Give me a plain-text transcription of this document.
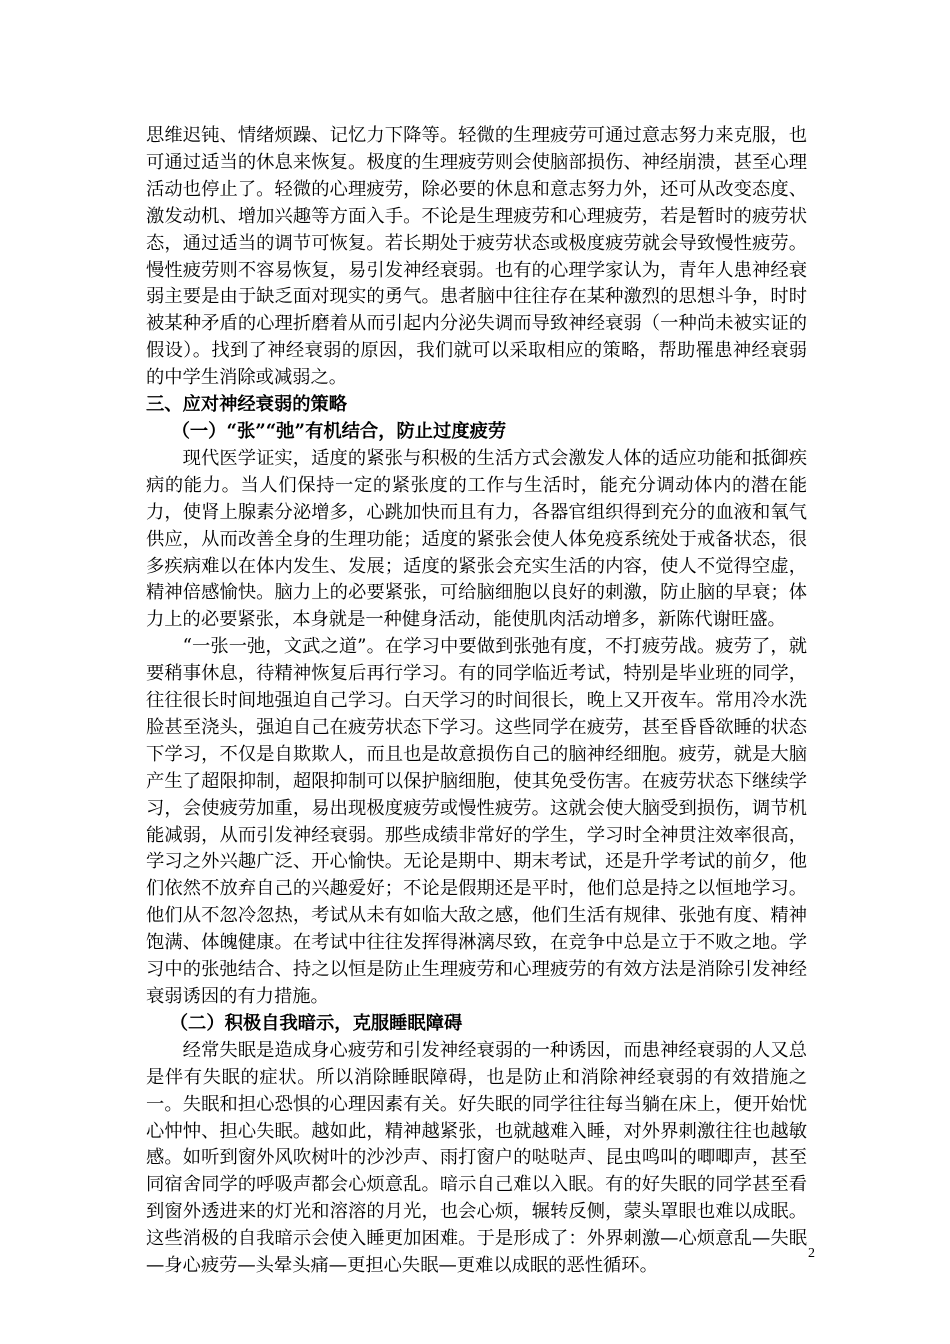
思维迟钝、情绪烦躁、记忆力下降等。轻微的生理疲劳可通过意志努力来克服，也可通过适当的休息来恢复。极度的生理疲劳则会使脑部损伤、神经崩溃，甚至心理活动也停止了。轻微的心理疲劳，除必要的休息和意志努力外，还可从改变态度、激发动机、增加兴趣等方面入手。不论是生理疲劳和心理疲劳，若是暂时的疲劳状态，通过适当的调节可恢复。若长期处于疲劳状态或极度疲劳就会导致慢性疲劳。慢性疲劳则不容易恢复，易引发神经衰弱。也有的心理学家认为，青年人患神经衰弱主要是由于缺乏面对现实的勇气。患者脑中往往存在某种激烈的思想斗争，时时被某种矛盾的心理折磨着从而引起内分泌失调而导致神经衰弱（一种尚未被实证的假设）。找到了神经衰弱的原因，我们就可以采取相应的策略，帮助罹患神经衰弱的中学生消除或减弱之。

三、应对神经衰弱的策略

（一）“张”“弛”有机结合，防止过度疲劳

现代医学证实，适度的紧张与积极的生活方式会激发人体的适应功能和抵御疾病的能力。当人们保持一定的紧张度的工作与生活时，能充分调动体内的潜在能力，使肾上腺素分泌增多，心跳加快而且有力，各器官组织得到充分的血液和氧气供应，从而改善全身的生理功能；适度的紧张会使人体免疫系统处于戒备状态，很多疾病难以在体内发生、发展；适度的紧张会充实生活的内容，使人不觉得空虚，精神倍感愉快。脑力上的必要紧张，可给脑细胞以良好的刺激，防止脑的早衰；体力上的必要紧张，本身就是一种健身活动，能使肌肉活动增多，新陈代谢旺盛。

“一张一弛，文武之道”。在学习中要做到张弛有度，不打疲劳战。疲劳了，就要稍事休息，待精神恢复后再行学习。有的同学临近考试，特别是毕业班的同学，往往很长时间地强迫自己学习。白天学习的时间很长，晚上又开夜车。常用冷水洗脸甚至浇头，强迫自己在疲劳状态下学习。这些同学在疲劳，甚至昏昏欲睡的状态下学习，不仅是自欺欺人，而且也是故意损伤自己的脑神经细胞。疲劳，就是大脑产生了超限抑制，超限抑制可以保护脑细胞，使其免受伤害。在疲劳状态下继续学习，会使疲劳加重，易出现极度疲劳或慢性疲劳。这就会使大脑受到损伤，调节机能减弱，从而引发神经衰弱。那些成绩非常好的学生，学习时全神贯注效率很高，学习之外兴趣广泛、开心愉快。无论是期中、期末考试，还是升学考试的前夕，他们依然不放弃自己的兴趣爱好；不论是假期还是平时，他们总是持之以恒地学习。他们从不忽冷忽热，考试从未有如临大敌之感，他们生活有规律、张弛有度、精神饱满、体魄健康。在考试中往往发挥得淋漓尽致，在竞争中总是立于不败之地。学习中的张弛结合、持之以恒是防止生理疲劳和心理疲劳的有效方法是消除引发神经衰弱诱因的有力措施。

（二）积极自我暗示，克服睡眠障碍

经常失眠是造成身心疲劳和引发神经衰弱的一种诱因，而患神经衰弱的人又总是伴有失眠的症状。所以消除睡眠障碍，也是防止和消除神经衰弱的有效措施之一。失眠和担心恐惧的心理因素有关。好失眠的同学往往每当躺在床上，便开始忧心忡忡、担心失眠。越如此，精神越紧张，也就越难入睡，对外界刺激往往也越敏感。如听到窗外风吹树叶的沙沙声、雨打窗户的哒哒声、昆虫鸣叫的唧唧声，甚至同宿舍同学的呼吸声都会心烦意乱。暗示自己难以入眠。有的好失眠的同学甚至看到窗外透进来的灯光和溶溶的月光，也会心烦，辗转反侧，蒙头罩眼也难以成眠。这些消极的自我暗示会使入睡更加困难。于是形成了：外界刺激—心烦意乱—失眠—身心疲劳—头晕头痛—更担心失眠—更难以成眠的恶性循环。

2
